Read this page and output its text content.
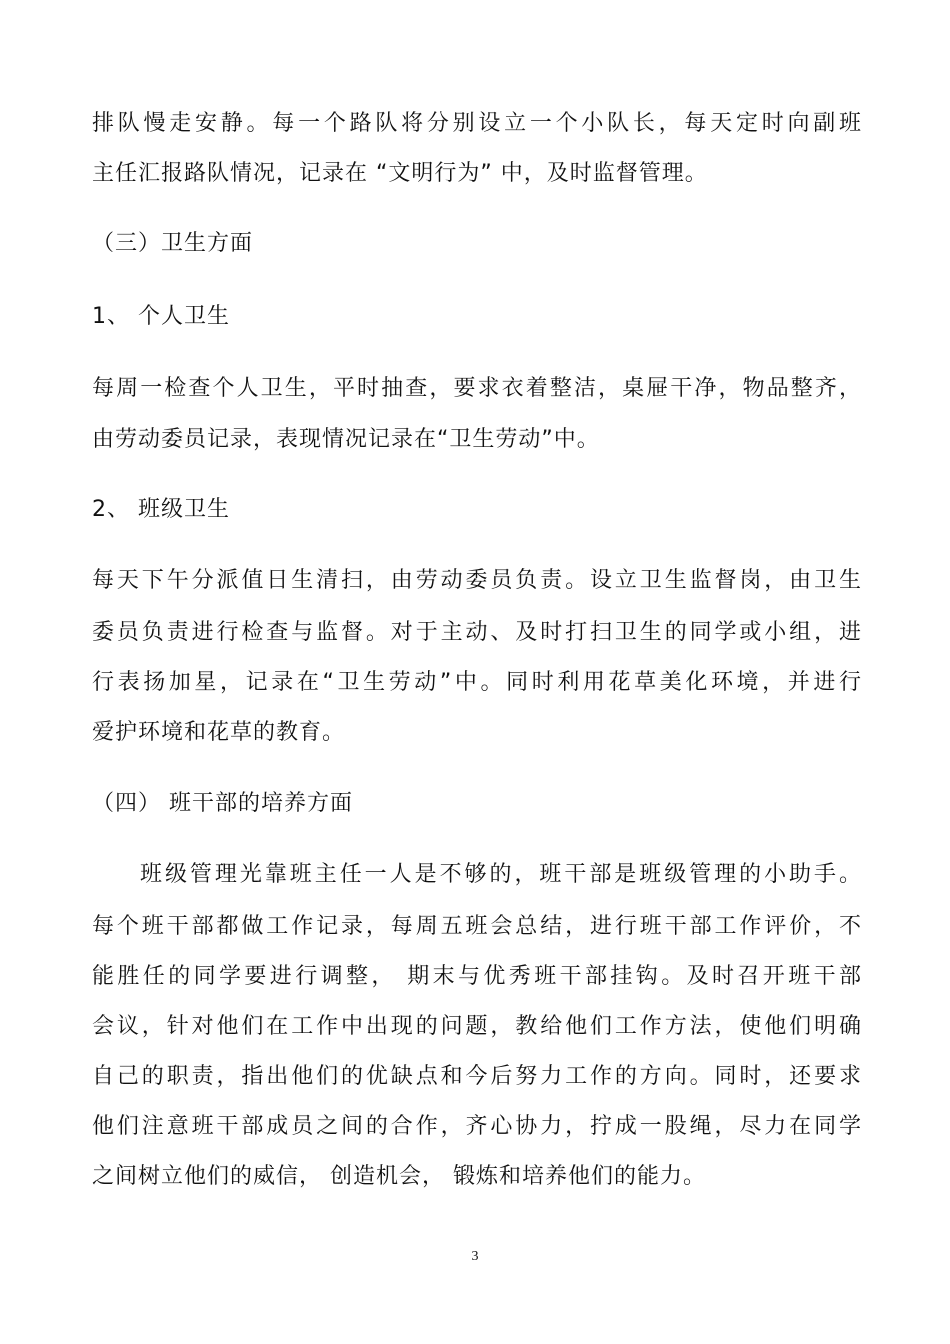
排队慢走安静。每一个路队将分别设立一个小队长，每天定时向副班
主任汇报路队情况，记录在 “文明行为” 中，及时监督管理。
（三）卫生方面
1、 个人卫生
每周一检查个人卫生，平时抽查，要求衣着整洁，桌屉干净，物品整齐，
由劳动委员记录，表现情况记录在“卫生劳动”中。
2、 班级卫生
每天下午分派值日生清扫，由劳动委员负责。设立卫生监督岗，由卫生
委员负责进行检查与监督。对于主动、及时打扫卫生的同学或小组，进
行表扬加星，记录在“卫生劳动”中。同时利用花草美化环境，并进行
爱护环境和花草的教育。
（四） 班干部的培养方面
班级管理光靠班主任一人是不够的，班干部是班级管理的小助手。
每个班干部都做工作记录，每周五班会总结，进行班干部工作评价，不
能胜任的同学要进行调整， 期末与优秀班干部挂钩。及时召开班干部
会议，针对他们在工作中出现的问题，教给他们工作方法，使他们明确
自己的职责，指出他们的优缺点和今后努力工作的方向。同时，还要求
他们注意班干部成员之间的合作，齐心协力，拧成一股绳，尽力在同学
之间树立他们的威信， 创造机会， 锻炼和培养他们的能力。
3
